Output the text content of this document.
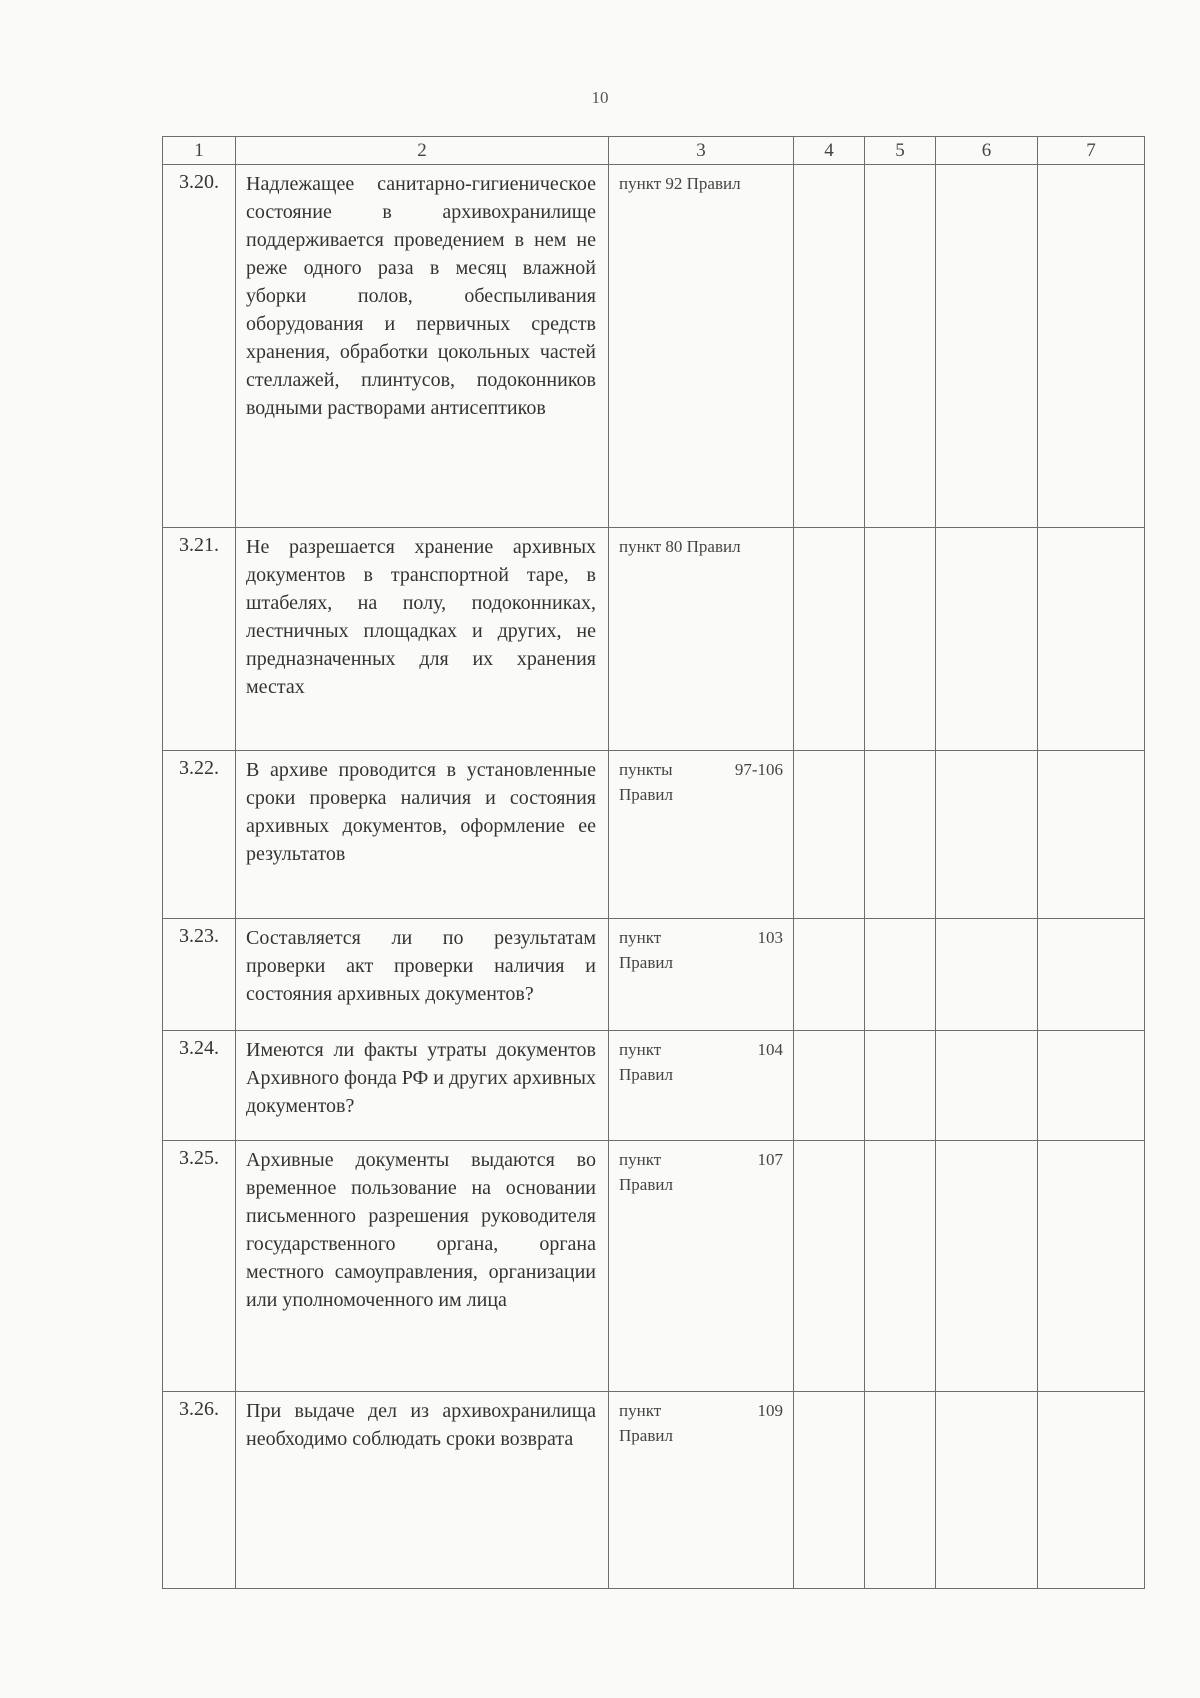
10
1	2	3	4	5	6	7
3.20.	Надлежащее санитарно-гигиеническое состояние в архивохранилище поддерживается проведением в нем не реже одного раза в месяц влажной уборки полов, обеспыливания оборудования и первичных средств хранения, обработки цокольных частей стеллажей, плинтусов, подоконников водными растворами антисептиков	пункт 92 Правил				

3.21.	Не разрешается хранение архивных документов в транспортной таре, в штабелях, на полу, подоконниках, лестничных площадках и других, не предназначенных для их хранения местах	пункт 80 Правил				

3.22.	В архиве проводится в установленные сроки проверка наличия и состояния архивных документов, оформление ее результатов	пункты 97-106
Правил				

3.23.	Составляется ли по результатам проверки акт проверки наличия и состояния архивных документов?	пункт 103
Правил				

3.24.	Имеются ли факты утраты документов Архивного фонда РФ и других архивных документов?	пункт 104
Правил				

3.25.	Архивные документы выдаются во временное пользование на основании письменного разрешения руководителя государственного органа, органа местного самоуправления, организации или уполномоченного им лица	пункт 107
Правил				

3.26.	При выдаче дел из архивохранилища необходимо соблюдать сроки возврата	пункт 109
Правил				
